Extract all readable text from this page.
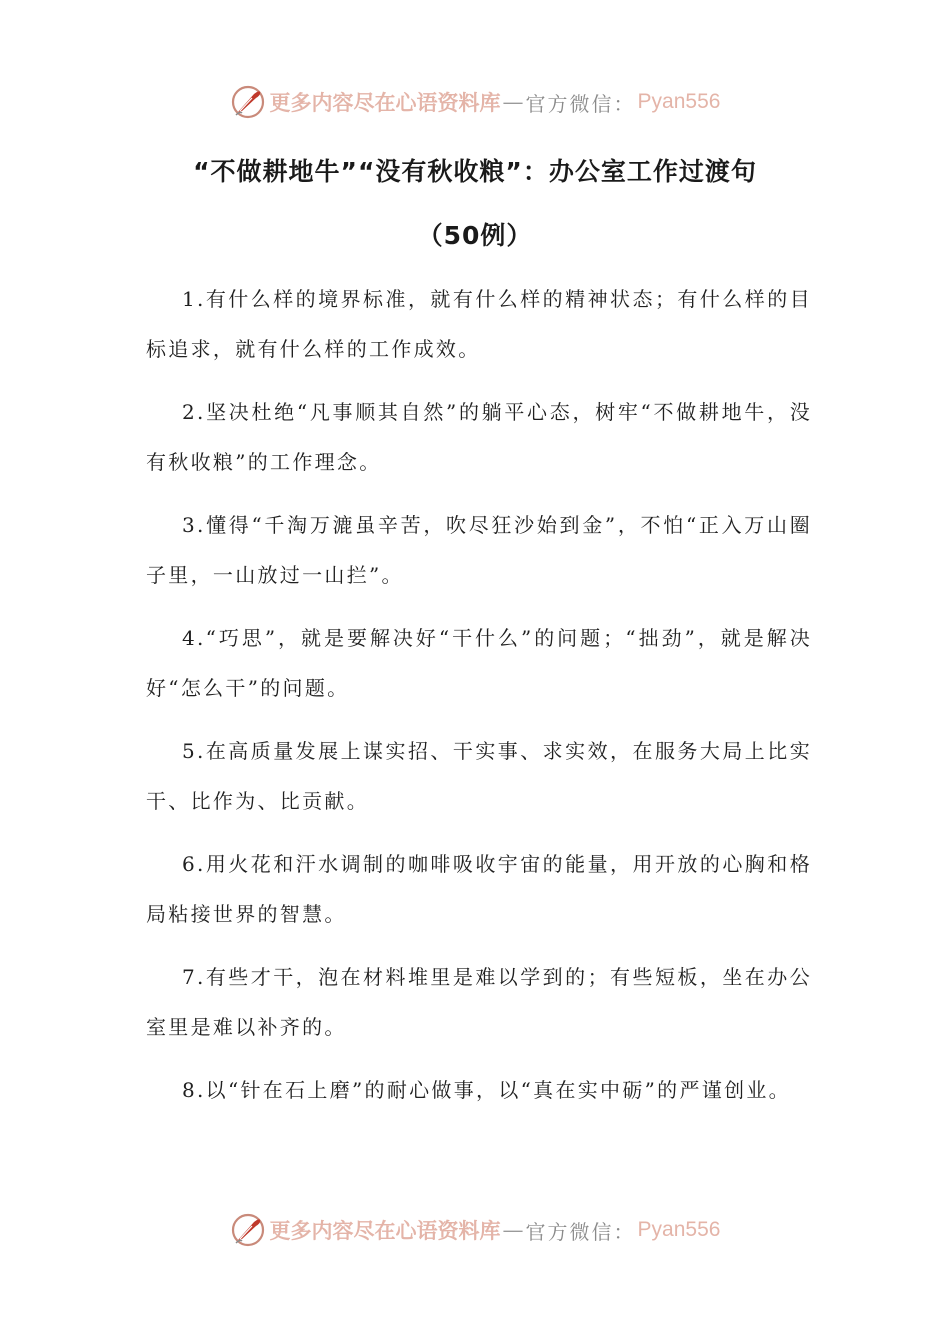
更多内容尽在心语资料库 — 官方微信： Pyan556
“不做耕地牛”“没有秋收粮”：办公室工作过渡句
（50例）

1.有什么样的境界标准，就有什么样的精神状态；有什么样的目标追求，就有什么样的工作成效。

2.坚决杜绝“凡事顺其自然”的躺平心态，树牢“不做耕地牛，没有秋收粮”的工作理念。

3.懂得“千淘万漉虽辛苦，吹尽狂沙始到金”，不怕“正入万山圈子里，一山放过一山拦”。

4.“巧思”，就是要解决好“干什么”的问题；“拙劲”，就是解决好“怎么干”的问题。

5.在高质量发展上谋实招、干实事、求实效，在服务大局上比实干、比作为、比贡献。

6.用火花和汗水调制的咖啡吸收宇宙的能量，用开放的心胸和格局粘接世界的智慧。

7.有些才干，泡在材料堆里是难以学到的；有些短板，坐在办公室里是难以补齐的。

8.以“针在石上磨”的耐心做事，以“真在实中砺”的严谨创业。

更多内容尽在心语资料库 — 官方微信： Pyan556
